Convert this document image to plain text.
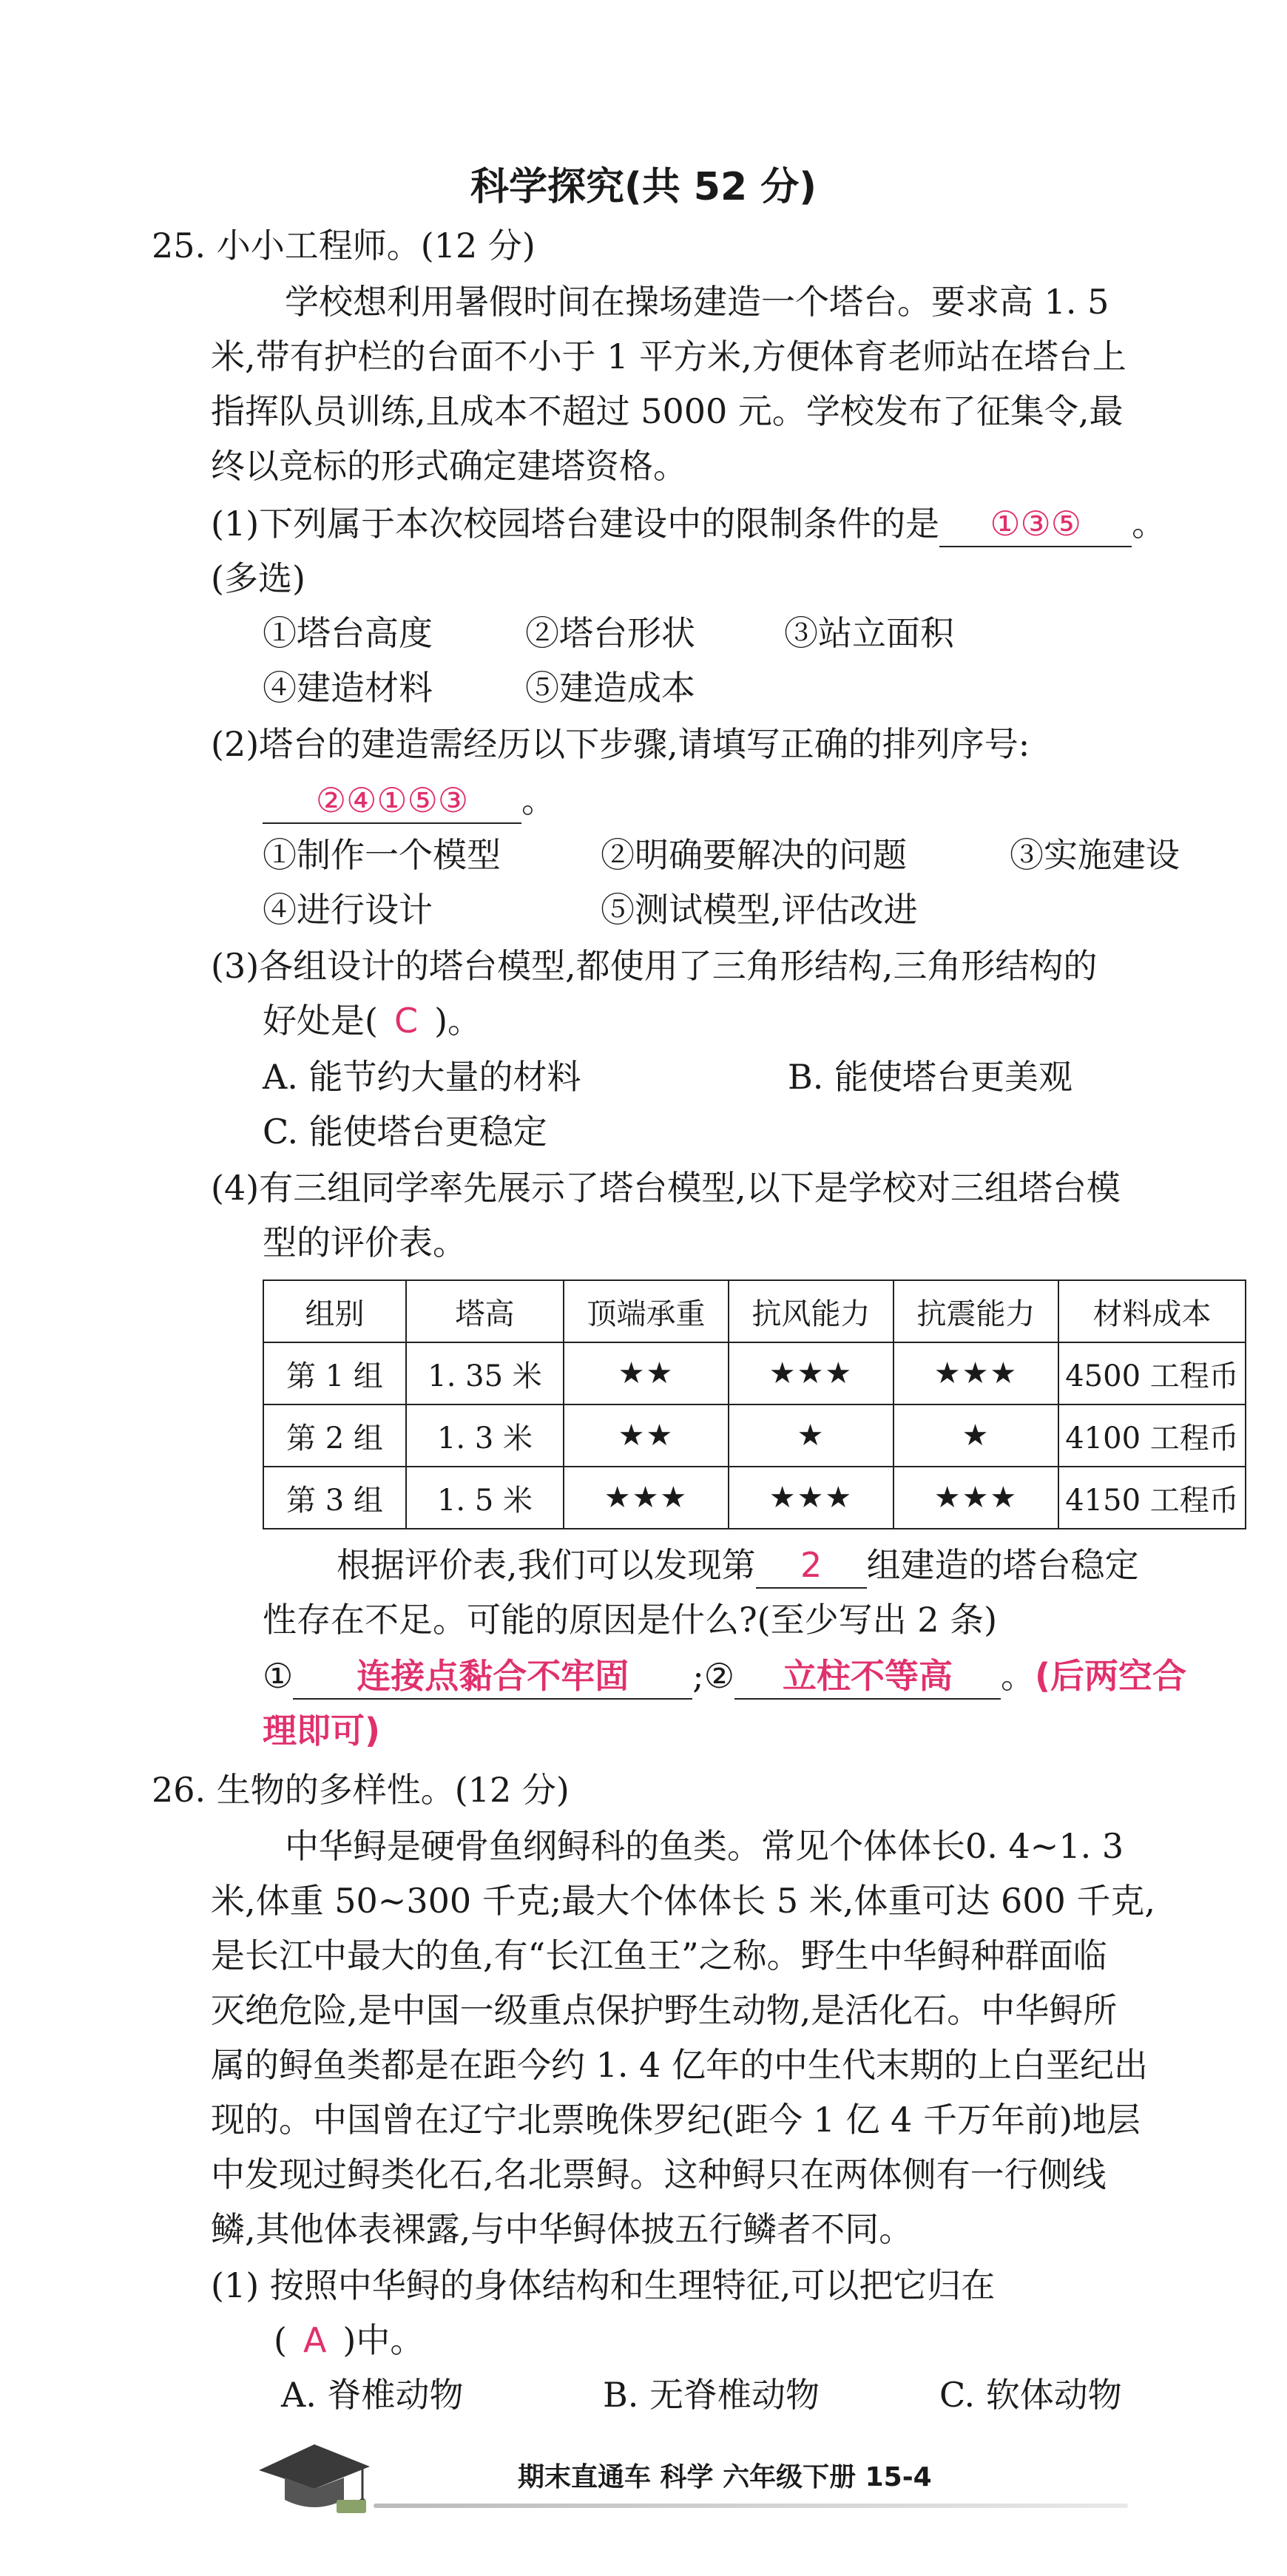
科学探究(共 52 分)
25. 小小工程师。(12 分)
学校想利用暑假时间在操场建造一个塔台。要求高 1. 5
米,带有护栏的台面不小于 1 平方米,方便体育老师站在塔台上
指挥队员训练,且成本不超过 5000 元。学校发布了征集令,最
终以竞标的形式确定建塔资格。
(1)下列属于本次校园塔台建设中的限制条件的是 ①③⑤ 。
(多选)
①塔台高度	②塔台形状	③站立面积
④建造材料	⑤建造成本
(2)塔台的建造需经历以下步骤,请填写正确的排列序号:
②④①⑤③ 。
①制作一个模型	②明确要解决的问题	③实施建设
④进行设计	⑤测试模型,评估改进
(3)各组设计的塔台模型,都使用了三角形结构,三角形结构的
好处是( C )。
A. 能节约大量的材料	B. 能使塔台更美观
C. 能使塔台更稳定
(4)有三组同学率先展示了塔台模型,以下是学校对三组塔台模
型的评价表。
组别	塔高	顶端承重	抗风能力	抗震能力	材料成本
第 1 组	1. 35 米	★★	★★★	★★★	4500 工程币
第 2 组	1. 3 米	★★	★	★	4100 工程币
第 3 组	1. 5 米	★★★	★★★	★★★	4150 工程币
根据评价表,我们可以发现第 2 组建造的塔台稳定
性存在不足。可能的原因是什么?(至少写出 2 条)
① 连接点黏合不牢固 ;② 立柱不等高 。(后两空合
理即可)
26. 生物的多样性。(12 分)
中华鲟是硬骨鱼纲鲟科的鱼类。常见个体体长0. 4~1. 3
米,体重 50~300 千克;最大个体体长 5 米,体重可达 600 千克,
是长江中最大的鱼,有“长江鱼王”之称。野生中华鲟种群面临
灭绝危险,是中国一级重点保护野生动物,是活化石。中华鲟所
属的鲟鱼类都是在距今约 1. 4 亿年的中生代末期的上白垩纪出
现的。中国曾在辽宁北票晚侏罗纪(距今 1 亿 4 千万年前)地层
中发现过鲟类化石,名北票鲟。这种鲟只在两体侧有一行侧线
鳞,其他体表裸露,与中华鲟体披五行鳞者不同。
(1) 按照中华鲟的身体结构和生理特征,可以把它归在
( A )中。
A. 脊椎动物	B. 无脊椎动物	C. 软体动物
期末直通车 科学 六年级下册 15-4
